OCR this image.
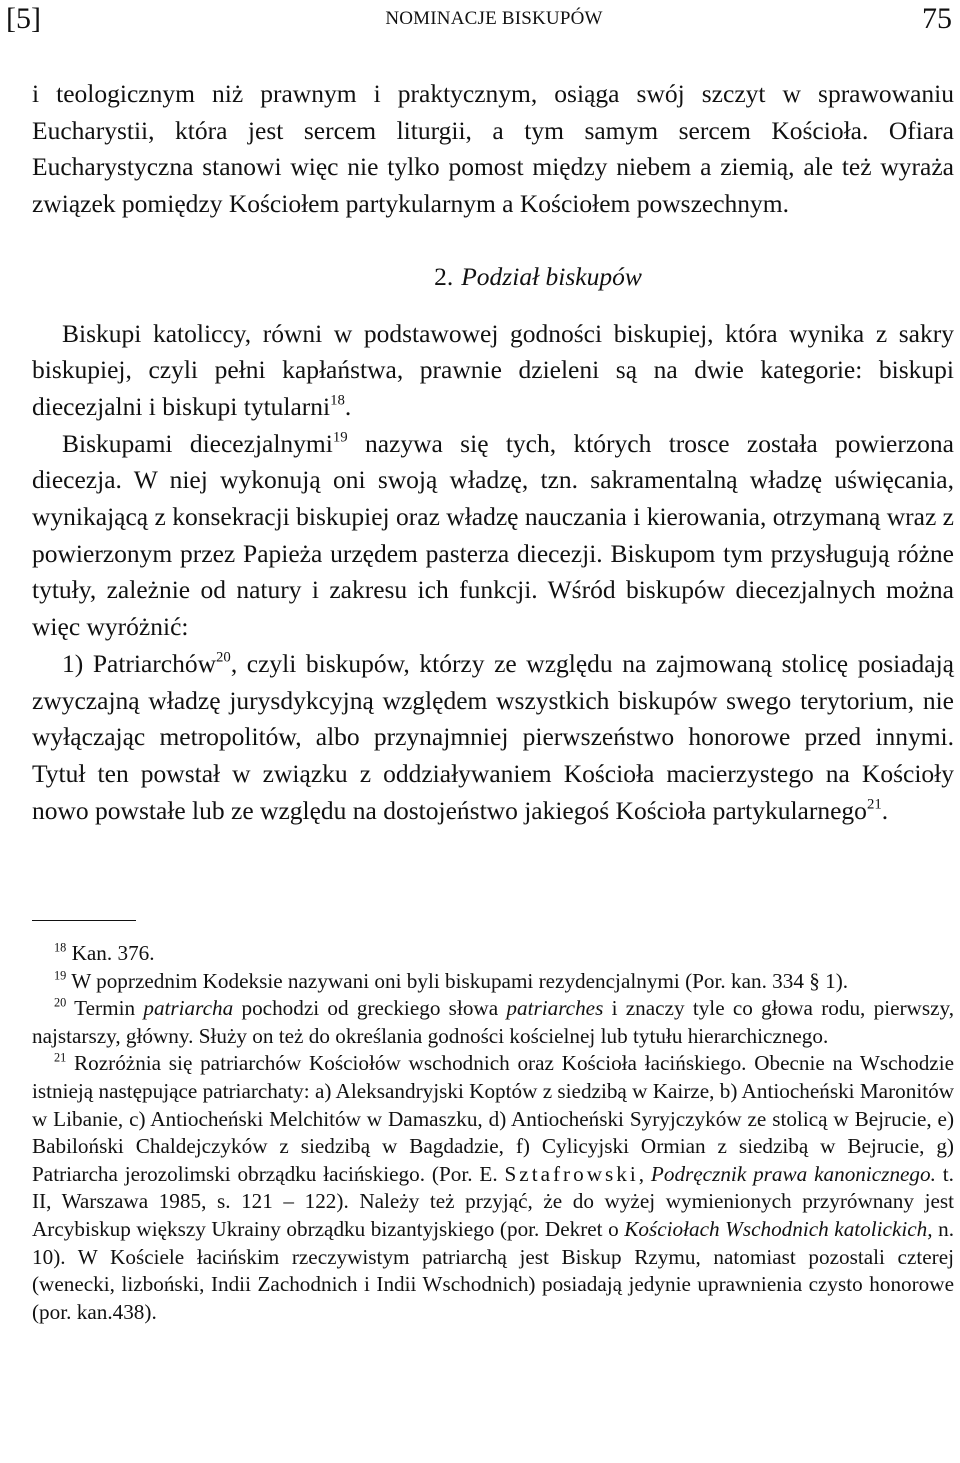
[5]	NOMINACJE BISKUPÓW	75

i teologicznym niż prawnym i praktycznym, osiąga swój szczyt w sprawowaniu Eucharystii, która jest sercem liturgii, a tym samym sercem Kościoła. Ofiara Eucharystyczna stanowi więc nie tylko pomost między niebem a ziemią, ale też wyraża związek pomiędzy Kościołem partykularnym a Kościołem powszechnym.

2. Podział biskupów

Biskupi katoliccy, równi w podstawowej godności biskupiej, która wynika z sakry biskupiej, czyli pełni kapłaństwa, prawnie dzieleni są na dwie kategorie: biskupi diecezjalni i biskupi tytularni$^{18}$.

Biskupami diecezjalnymi$^{19}$ nazywa się tych, których trosce została powierzona diecezja. W niej wykonują oni swoją władzę, tzn. sakramentalną władzę uświęcania, wynikającą z konsekracji biskupiej oraz władzę nauczania i kierowania, otrzymaną wraz z powierzonym przez Papieża urzędem pasterza diecezji. Biskupom tym przysługują różne tytuły, zależnie od natury i zakresu ich funkcji. Wśród biskupów diecezjalnych można więc wyróżnić:

1) Patriarchów$^{20}$, czyli biskupów, którzy ze względu na zajmowaną stolicę posiadają zwyczajną władzę jurysdykcyjną względem wszystkich biskupów swego terytorium, nie wyłączając metropolitów, albo przynajmniej pierwszeństwo honorowe przed innymi. Tytuł ten powstał w związku z oddziaływaniem Kościoła macierzystego na Kościoły nowo powstałe lub ze względu na dostojeństwo jakiegoś Kościoła partykularnego$^{21}$.

$^{18}$ Kan. 376.

$^{19}$ W poprzednim Kodeksie nazywani oni byli biskupami rezydencjalnymi (Por. kan. 334 § 1).

$^{20}$ Termin patriarcha pochodzi od greckiego słowa patriarches i znaczy tyle co głowa rodu, pierwszy, najstarszy, główny. Służy on też do określania godności kościelnej lub tytułu hierarchicznego.

$^{21}$ Rozróżnia się patriarchów Kościołów wschodnich oraz Kościoła łacińskiego. Obecnie na Wschodzie istnieją następujące patriarchaty: a) Aleksandryjski Koptów z siedzibą w Kairze, b) Antiocheński Maronitów w Libanie, c) Antiocheński Melchitów w Damaszku, d) Antiocheński Syryjczyków ze stolicą w Bejrucie, e) Babiloński Chaldejczyków z siedzibą w Bagdadzie, f) Cylicyjski Ormian z siedzibą w Bejrucie, g) Patriarcha jerozolimski obrządku łacińskiego. (Por. E. Sztafrowski, Podręcznik prawa kanonicznego. t. II, Warszawa 1985, s. 121 – 122). Należy też przyjąć, że do wyżej wymienionych przyrównany jest Arcybiskup większy Ukrainy obrządku bizantyjskiego (por. Dekret o Kościołach Wschodnich katolickich, n. 10). W Kościele łacińskim rzeczywistym patriarchą jest Biskup Rzymu, natomiast pozostali czterej (wenecki, lizboński, Indii Zachodnich i Indii Wschodnich) posiadają jedynie uprawnienia czysto honorowe (por. kan.438).
